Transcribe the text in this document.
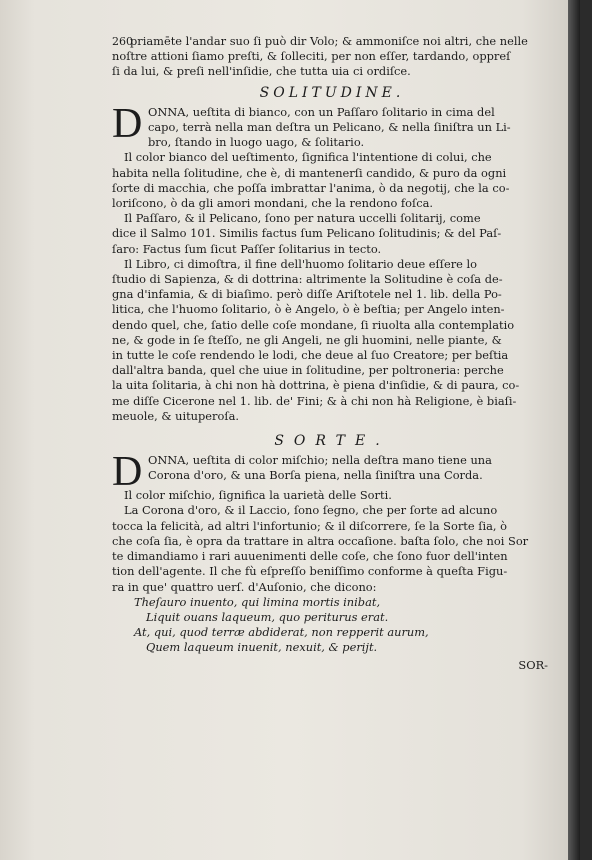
260
priamēte l'andar suo ſi può dir Volo; & ammoniſce noi altri, che nelle
noſtre attioni ſiamo preſti, & ſolleciti, per non eſſer, tardando, oppreſ
ſi da lui, & preſi nell'inſidie, che tutta uia ci ordiſce.
SOLITUDINE.
D ONNA, ueſtita di bianco, con un Paſſaro ſolitario in cima del
capo, terrà nella man deſtra un Pelicano, & nella ſiniſtra un Li-
bro, ſtando in luogo uago, & ſolitario.
Il color bianco del ueſtimento, ſignifica l'intentione di colui, che
habita nella ſolitudine, che è, di mantenerſi candido, & puro da ogni
ſorte di macchia, che poſſa imbrattar l'anima, ò da negotij, che la co-
loriſcono, ò da gli amori mondani, che la rendono foſca.
Il Paſſaro, & il Pelicano, ſono per natura uccelli ſolitarij, come
dice il Salmo 101. Similis factus ſum Pelicano ſolitudinis; & del Paſ-
ſaro: Factus ſum ſicut Paſſer ſolitarius in tecto.
Il Libro, ci dimoſtra, il fine dell'huomo ſolitario deue eſſere lo
ſtudio di Sapienza, & di dottrina: altrimente la Solitudine è coſa de-
gna d'infamia, & di biaſimo. però diſſe Ariſtotele nel 1. lib. della Po-
litica, che l'huomo ſolitario, ò è Angelo, ò è beſtia; per Angelo inten-
dendo quel, che, ſatio delle coſe mondane, ſi riuolta alla contemplatio
ne, & gode in ſe ſteſſo, ne gli Angeli, ne gli huomini, nelle piante, &
in tutte le coſe rendendo le lodi, che deue al ſuo Creatore; per beſtia
dall'altra banda, quel che uiue in ſolitudine, per poltroneria: perche
la uita ſolitaria, à chi non hà dottrina, è piena d'inſidie, & di paura, co-
me diſſe Cicerone nel 1. lib. de' Fini; & à chi non hà Religione, è biaſi-
meuole, & uituperoſa.
SORTE.
D ONNA, ueſtita di color miſchio; nella deſtra mano tiene una
Corona d'oro, & una Borſa piena, nella ſiniſtra una Corda.
Il color miſchio, ſignifica la uarietà delle Sorti.
La Corona d'oro, & il Laccio, ſono ſegno, che per ſorte ad alcuno
tocca la felicità, ad altri l'infortunio; & il diſcorrere, ſe la Sorte ſia, ò
che coſa ſia, è opra da trattare in altra occaſione. baſta ſolo, che noi Sor
te dimandiamo i rari auuenimenti delle coſe, che ſono fuor dell'inten
tion dell'agente. Il che fù eſpreſſo beniſſimo conforme à queſta Figu-
ra in que' quattro uerſ. d'Auſonio, che dicono:
Theſauro inuento, qui limina mortis inibat,
Liquit ouans laqueum, quo periturus erat.
At, qui, quod terræ abdiderat, non repperit aurum,
Quem laqueum inuenit, nexuit, & perijt.
SOR-
